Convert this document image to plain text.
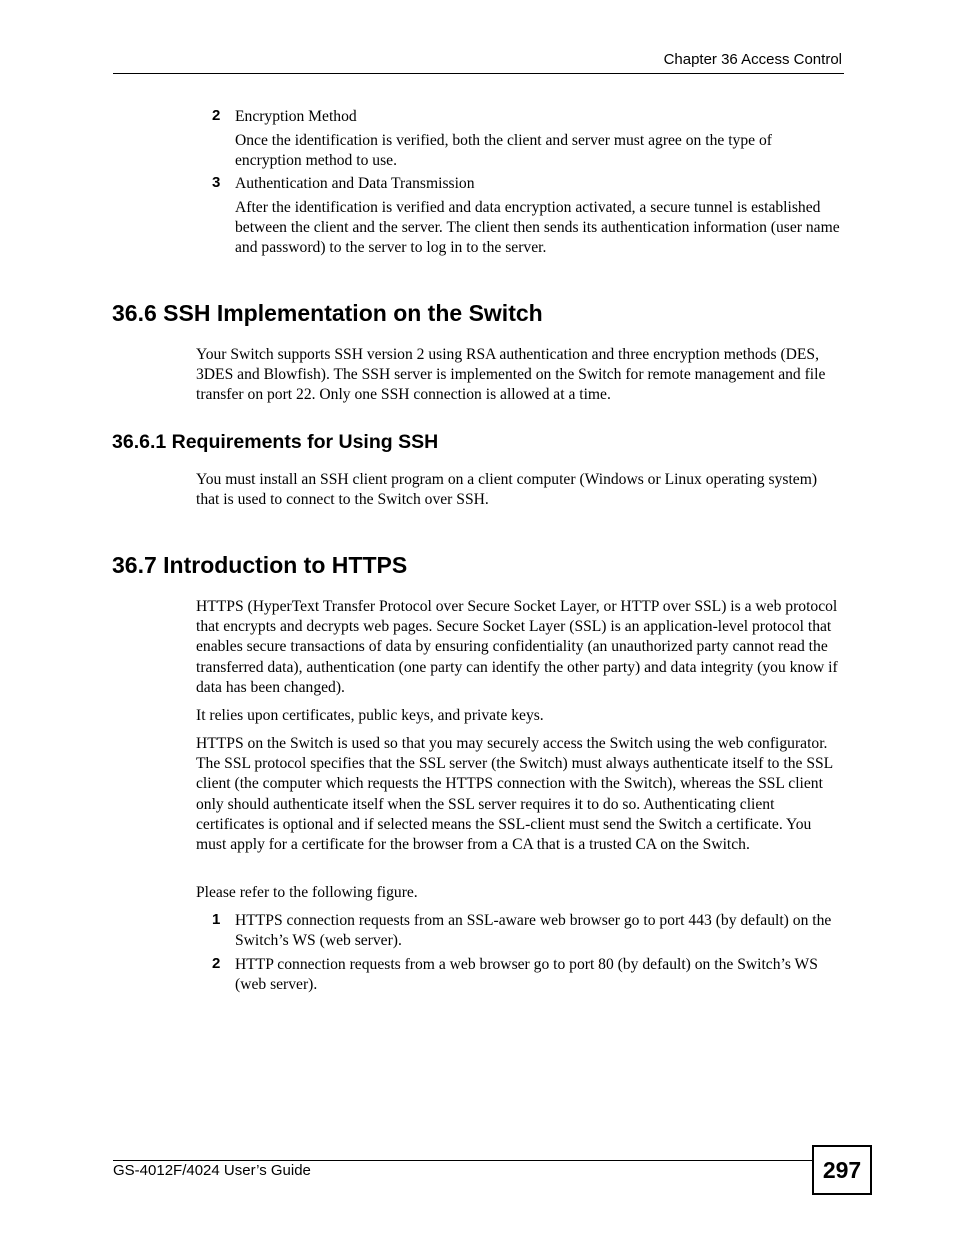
Chapter 36 Access Control
2 Encryption Method
Once the identification is verified, both the client and server must agree on the type of encryption method to use.
3 Authentication and Data Transmission
After the identification is verified and data encryption activated, a secure tunnel is established between the client and the server. The client then sends its authentication information (user name and password) to the server to log in to the server.
36.6 SSH Implementation on the Switch
Your Switch supports SSH version 2 using RSA authentication and three encryption methods (DES, 3DES and Blowfish). The SSH server is implemented on the Switch for remote management and file transfer on port 22. Only one SSH connection is allowed at a time.
36.6.1 Requirements for Using SSH
You must install an SSH client program on a client computer (Windows or Linux operating system) that is used to connect to the Switch over SSH.
36.7 Introduction to HTTPS
HTTPS (HyperText Transfer Protocol over Secure Socket Layer, or HTTP over SSL) is a web protocol that encrypts and decrypts web pages. Secure Socket Layer (SSL) is an application-level protocol that enables secure transactions of data by ensuring confidentiality (an unauthorized party cannot read the transferred data), authentication (one party can identify the other party) and data integrity (you know if data has been changed).
It relies upon certificates, public keys, and private keys.
HTTPS on the Switch is used so that you may securely access the Switch using the web configurator. The SSL protocol specifies that the SSL server (the Switch) must always authenticate itself to the SSL client (the computer which requests the HTTPS connection with the Switch), whereas the SSL client only should authenticate itself when the SSL server requires it to do so. Authenticating client certificates is optional and if selected means the SSL-client must send the Switch a certificate. You must apply for a certificate for the browser from a CA that is a trusted CA on the Switch.
Please refer to the following figure.
1 HTTPS connection requests from an SSL-aware web browser go to port 443 (by default) on the Switch’s WS (web server).
2 HTTP connection requests from a web browser go to port 80 (by default) on the Switch’s WS (web server).
GS-4012F/4024 User’s Guide	297
